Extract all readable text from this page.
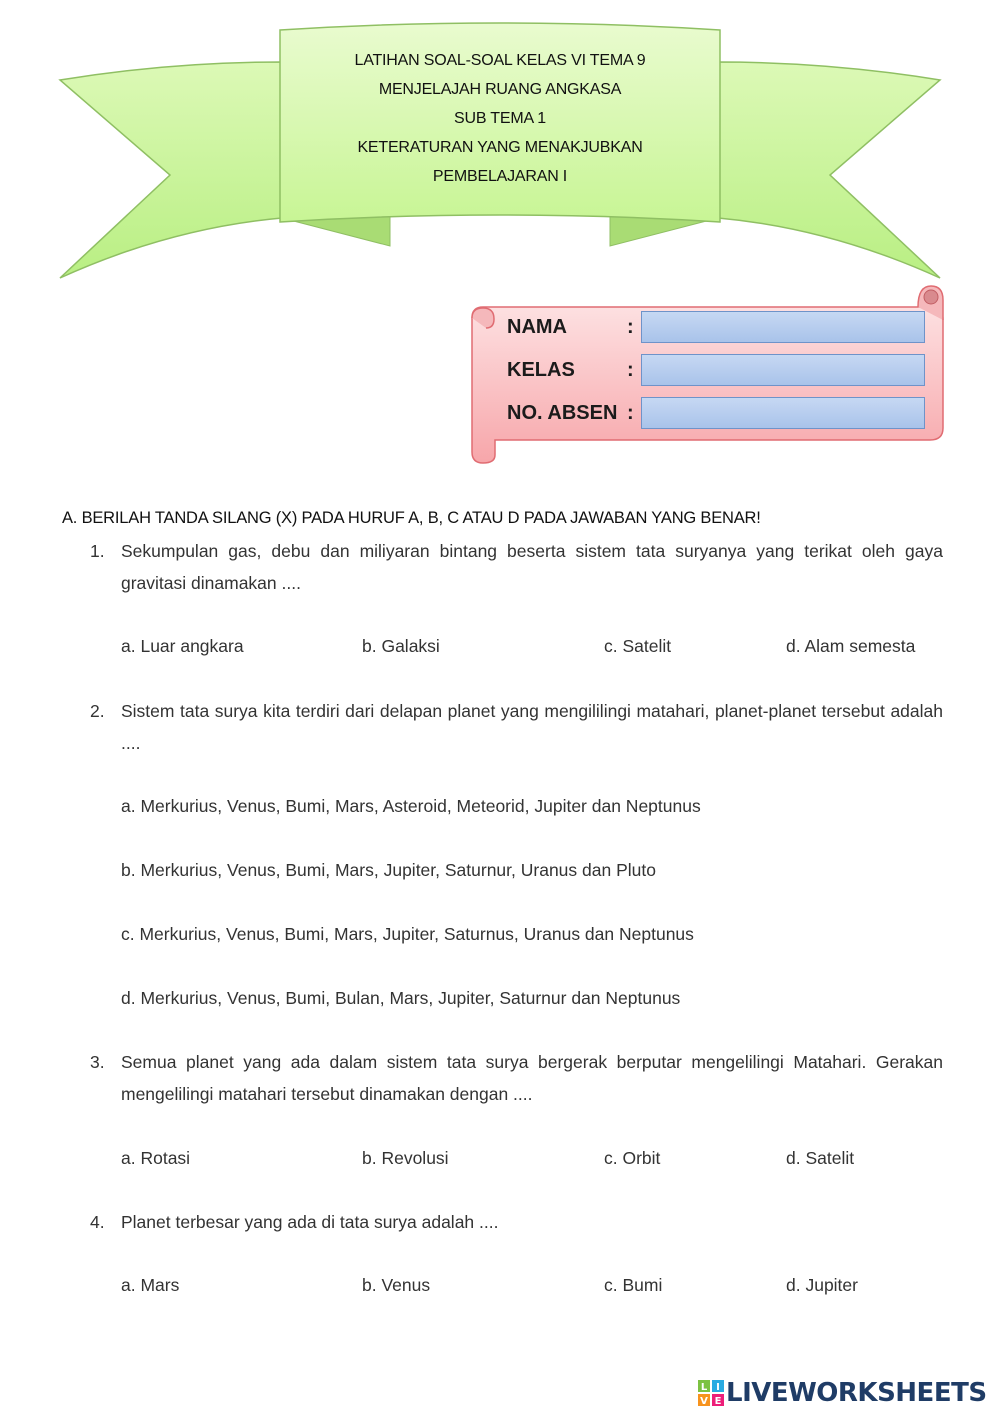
LATIHAN SOAL-SOAL KELAS VI TEMA 9
MENJELAJAH RUANG ANGKASA
SUB TEMA 1
KETERATURAN YANG MENAKJUBKAN
PEMBELAJARAN I
NAMA	:
KELAS	:
NO. ABSEN :
A. BERILAH TANDA SILANG (X) PADA HURUF A, B, C ATAU D PADA JAWABAN YANG BENAR!
1. Sekumpulan gas, debu dan miliyaran bintang beserta sistem tata suryanya yang terikat oleh gaya gravitasi dinamakan ....
a. Luar angkara	b. Galaksi	c. Satelit	d. Alam semesta
2. Sistem tata surya kita terdiri dari delapan planet yang mengililingi matahari, planet-planet tersebut adalah ....
a. Merkurius, Venus, Bumi, Mars, Asteroid, Meteorid, Jupiter dan Neptunus
b. Merkurius, Venus, Bumi, Mars, Jupiter, Saturnur, Uranus dan Pluto
c. Merkurius, Venus, Bumi, Mars, Jupiter, Saturnus, Uranus dan Neptunus
d. Merkurius, Venus, Bumi, Bulan, Mars, Jupiter, Saturnur dan Neptunus
3. Semua planet yang ada dalam sistem tata surya bergerak berputar mengelilingi Matahari. Gerakan mengelilingi matahari tersebut dinamakan dengan ....
a. Rotasi	b. Revolusi	c. Orbit	d. Satelit
4. Planet terbesar yang ada di tata surya adalah ....
a. Mars	b. Venus	c. Bumi	d. Jupiter
L I
V E LIVEWORKSHEETS
